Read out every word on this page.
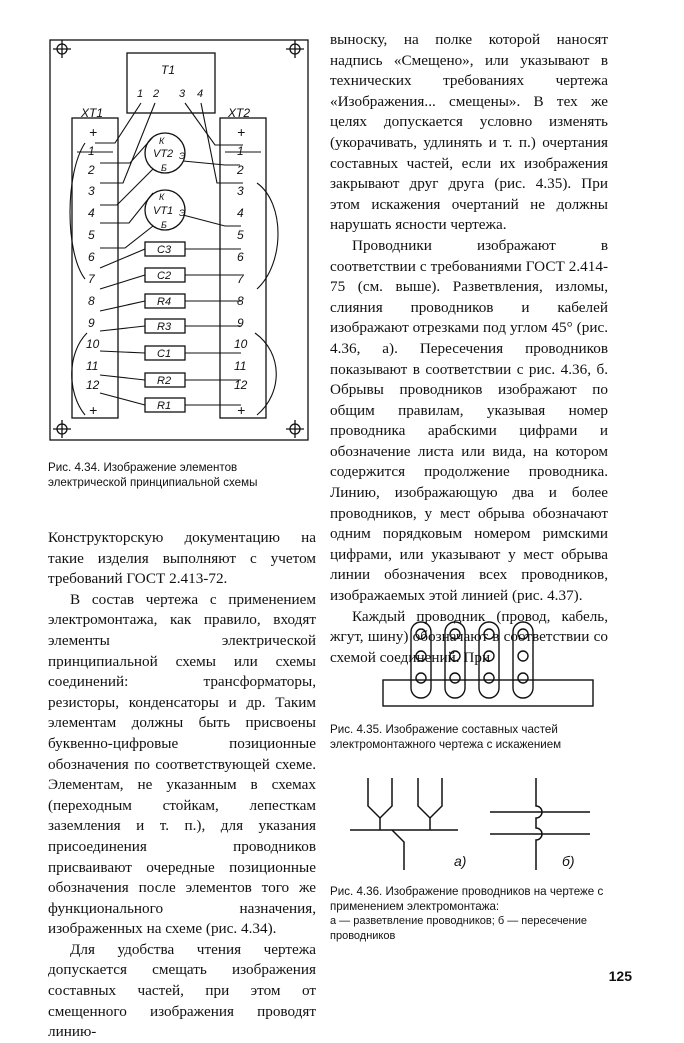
T1
1 2 3 4
XT1	XT2
+	+
+	+
1
2
3
4
5
6
7
8
9
10
11
12
1
2
3
4
5
6
7
8
9
10
11
12
VT2
К
Э
Б
VT1
К
Э
Б
C3
C2
R4
R3
C1
R2
R1
Рис. 4.34. Изображение элементов электрической принципиальной схемы

Конструкторскую документацию на такие изделия выполняют с учетом требований ГОСТ 2.413-72.

В состав чертежа с применением электромонтажа, как правило, входят элементы электрической принципиальной схемы или схемы соединений: трансформаторы, резисторы, конденсаторы и др. Таким элементам должны быть присвоены буквенно-цифровые позиционные обозначения по соответствующей схеме. Элементам, не указанным в схемах (переходным стойкам, лепесткам заземления и т. п.), для указания присоединения проводников присваивают очередные позиционные обозначения после элементов того же функционального назначения, изображенных на схеме (рис. 4.34).

Для удобства чтения чертежа допускается смещать изображения составных частей, при этом от смещенного изображения проводят линию-

выноску, на полке которой наносят надпись «Смещено», или указывают в технических требованиях чертежа «Изображения... смещены». В тех же целях допускается условно изменять (укорачивать, удлинять и т. п.) очертания составных частей, если их изображения закрывают друг друга (рис. 4.35). При этом искажения очертаний не должны нарушать ясности чертежа.

Проводники изображают в соответствии с требованиями ГОСТ 2.414-75 (см. выше). Разветвления, изломы, слияния проводников и кабелей изображают отрезками под углом 45° (рис. 4.36, а). Пересечения проводников показывают в соответствии с рис. 4.36, б. Обрывы проводников изображают по общим правилам, указывая номер проводника арабскими цифрами и обозначение листа или вида, на котором содержится продолжение проводника. Линию, изображающую два и более проводников, у мест обрыва обозначают одним порядковым номером римскими цифрами, или указывают у мест обрыва линии обозначения всех проводников, изображаемых этой линией (рис. 4.37).

Каждый проводник (провод, кабель, жгут, шину) обозначают в соответствии со схемой соединений. При

Рис. 4.35. Изображение составных частей электромонтажного чертежа с искажением
а)	б)
Рис. 4.36. Изображение проводников на чертеже с применением электромонтажа:
а — разветвление проводников; б — пересечение проводников
125
